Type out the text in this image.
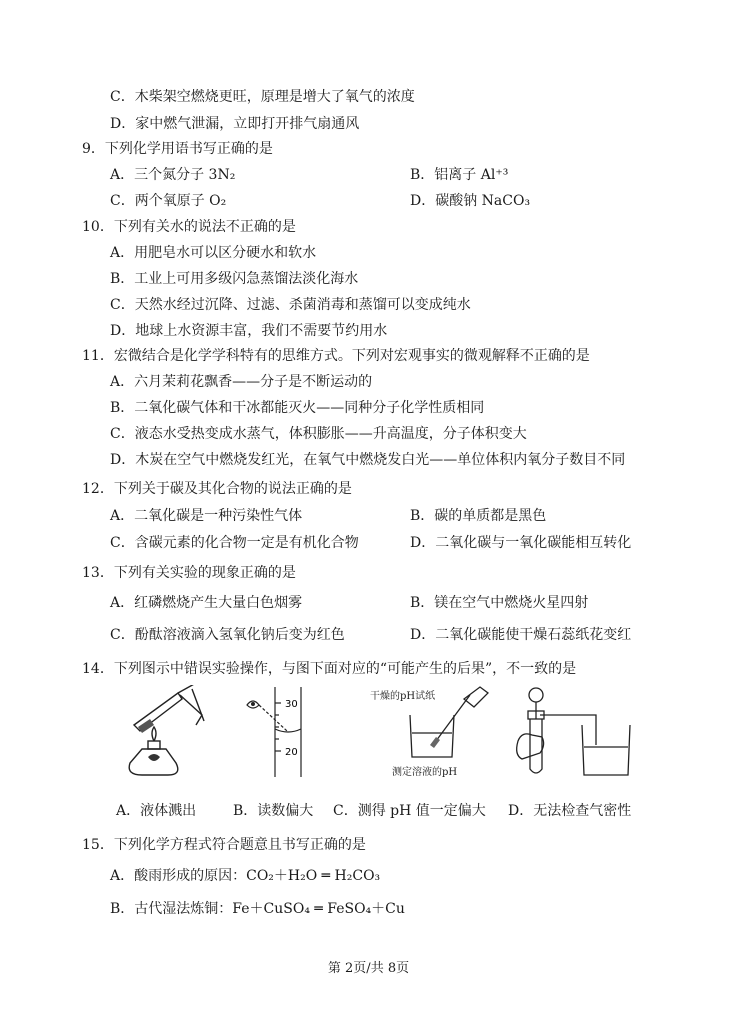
C．木柴架空燃烧更旺，原理是增大了氧气的浓度
D．家中燃气泄漏，立即打开排气扇通风
9．下列化学用语书写正确的是
A．三个氮分子 3N₂	B．铝离子 Al⁺³
C．两个氧原子 O₂	D．碳酸钠 NaCO₃
10．下列有关水的说法不正确的是
A．用肥皂水可以区分硬水和软水
B．工业上可用多级闪急蒸馏法淡化海水
C．天然水经过沉降、过滤、杀菌消毒和蒸馏可以变成纯水
D．地球上水资源丰富，我们不需要节约用水
11．宏微结合是化学学科特有的思维方式。下列对宏观事实的微观解释不正确的是
A．六月茉莉花飘香——分子是不断运动的
B．二氧化碳气体和干冰都能灭火——同种分子化学性质相同
C．液态水受热变成水蒸气，体积膨胀——升高温度，分子体积变大
D．木炭在空气中燃烧发红光，在氧气中燃烧发白光——单位体积内氧分子数目不同
12．下列关于碳及其化合物的说法正确的是
A．二氧化碳是一种污染性气体	B．碳的单质都是黑色
C．含碳元素的化合物一定是有机化合物	D．二氧化碳与一氧化碳能相互转化
13．下列有关实验的现象正确的是
A．红磷燃烧产生大量白色烟雾	B．镁在空气中燃烧火星四射
C．酚酞溶液滴入氢氧化钠后变为红色	D．二氧化碳能使干燥石蕊纸花变红
14．下列图示中错误实验操作，与图下面对应的“可能产生的后果”，不一致的是
30
20
干燥的pH试纸
测定溶液的pH
A．液体溅出	B．读数偏大 C．测得 pH 值一定偏大 D．无法检查气密性
15．下列化学方程式符合题意且书写正确的是
A．酸雨形成的原因：CO₂＋H₂O ═ H₂CO₃
B．古代湿法炼铜：Fe＋CuSO₄ ═ FeSO₄＋Cu
第 2页/共 8页
